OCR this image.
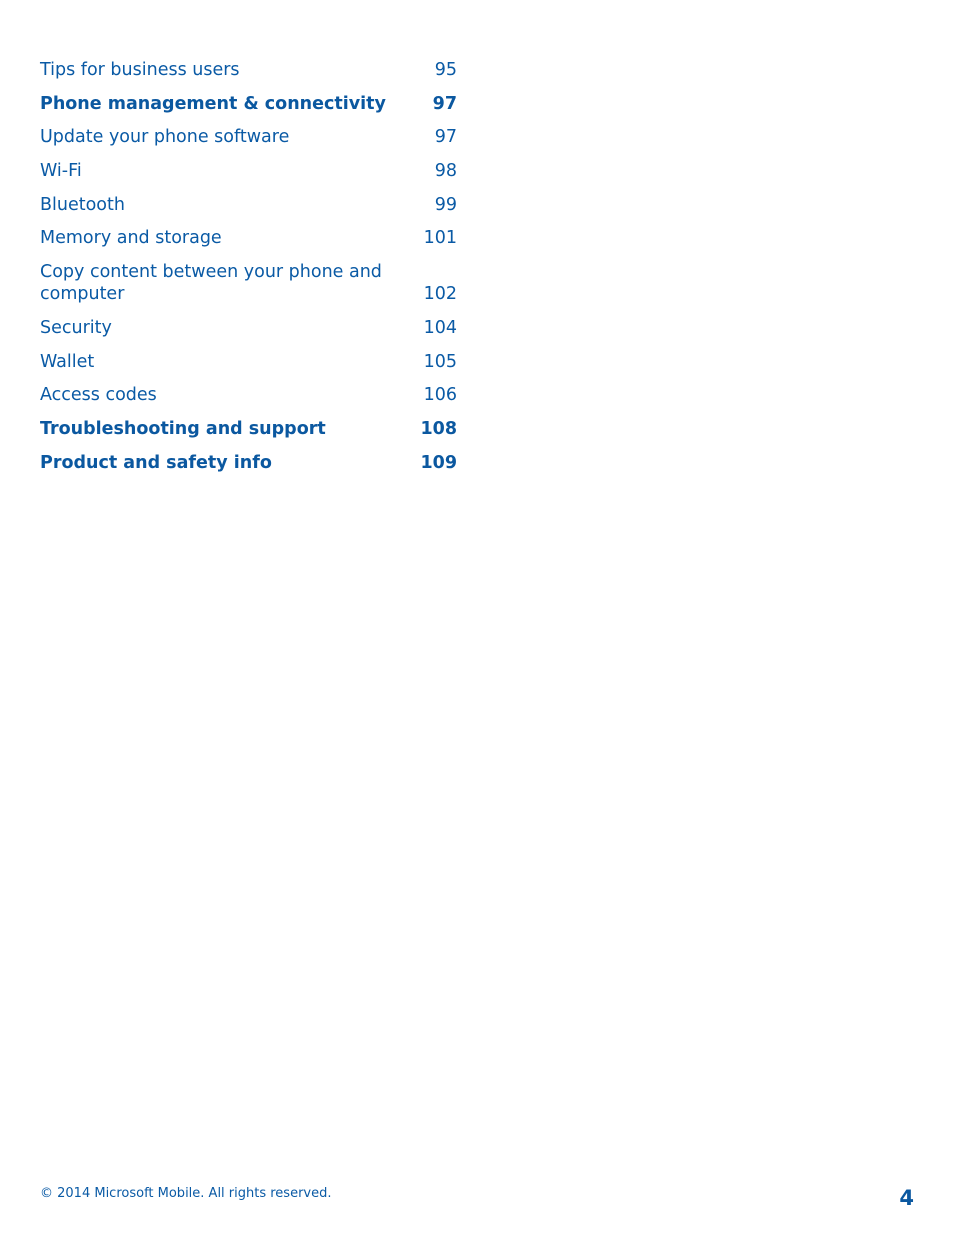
Tips for business users	95
Phone management & connectivity	97
Update your phone software	97
Wi-Fi	98
Bluetooth	99
Memory and storage	101
Copy content between your phone and computer	102
Security	104
Wallet	105
Access codes	106
Troubleshooting and support	108
Product and safety info	109
© 2014 Microsoft Mobile. All rights reserved.	4
